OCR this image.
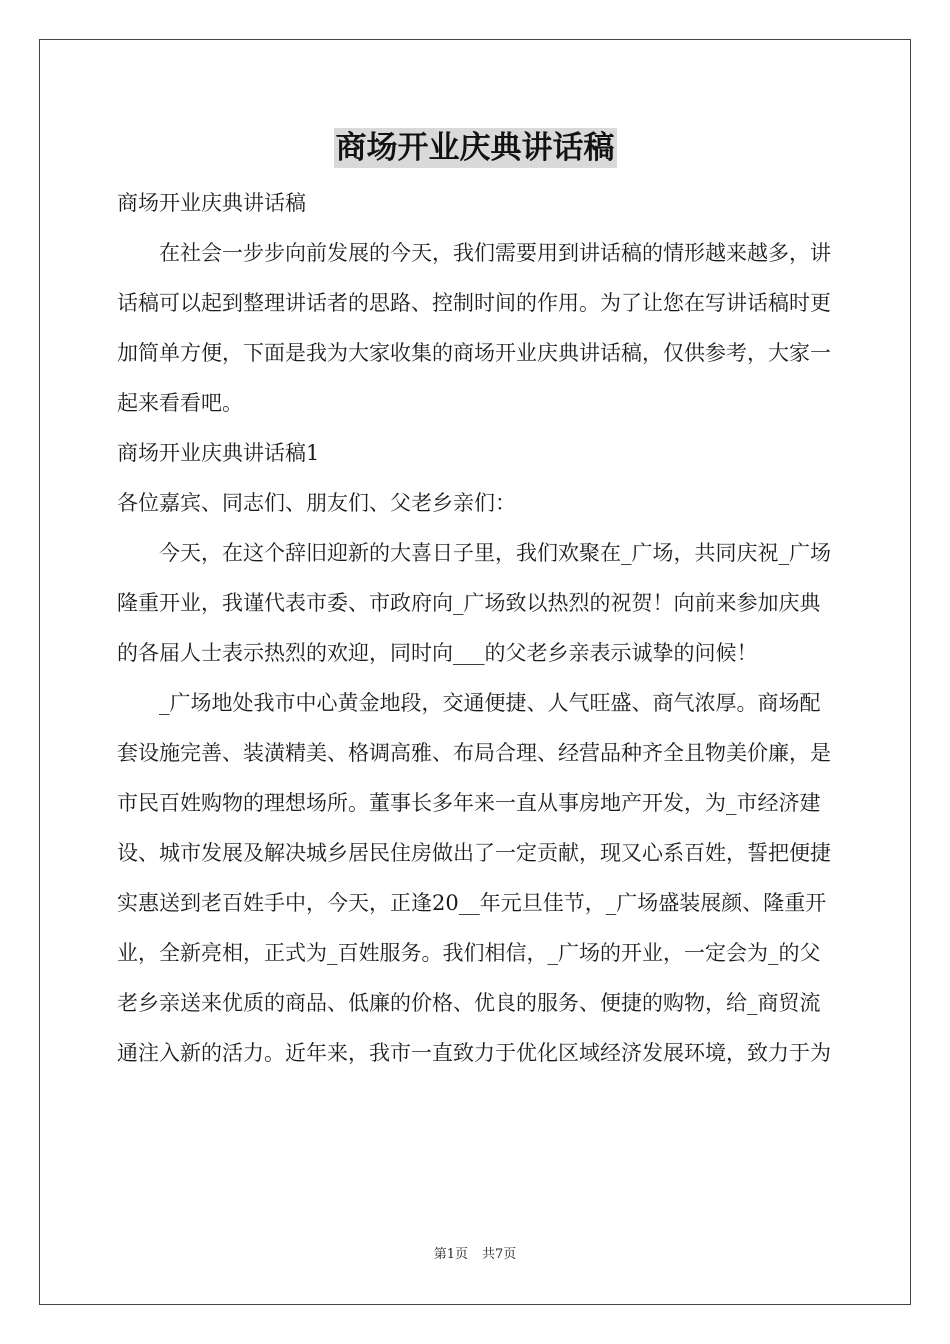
商场开业庆典讲话稿

商场开业庆典讲话稿

在社会一步步向前发展的今天，我们需要用到讲话稿的情形越来越多，讲话稿可以起到整理讲话者的思路、控制时间的作用。为了让您在写讲话稿时更加简单方便，下面是我为大家收集的商场开业庆典讲话稿，仅供参考，大家一起来看看吧。

商场开业庆典讲话稿1

各位嘉宾、同志们、朋友们、父老乡亲们：

今天，在这个辞旧迎新的大喜日子里，我们欢聚在_广场，共同庆祝_广场隆重开业，我谨代表市委、市政府向_广场致以热烈的祝贺！向前来参加庆典的各届人士表示热烈的欢迎，同时向___的父老乡亲表示诚挚的问候！

_广场地处我市中心黄金地段，交通便捷、人气旺盛、商气浓厚。商场配套设施完善、装潢精美、格调高雅、布局合理、经营品种齐全且物美价廉，是市民百姓购物的理想场所。董事长多年来一直从事房地产开发，为_市经济建设、城市发展及解决城乡居民住房做出了一定贡献，现又心系百姓，誓把便捷实惠送到老百姓手中，今天，正逢20__年元旦佳节，_广场盛装展颜、隆重开业，全新亮相，正式为_百姓服务。我们相信，_广场的开业，一定会为_的父老乡亲送来优质的商品、低廉的价格、优良的服务、便捷的购物，给_商贸流通注入新的活力。近年来，我市一直致力于优化区域经济发展环境，致力于为

第1页 共7页
